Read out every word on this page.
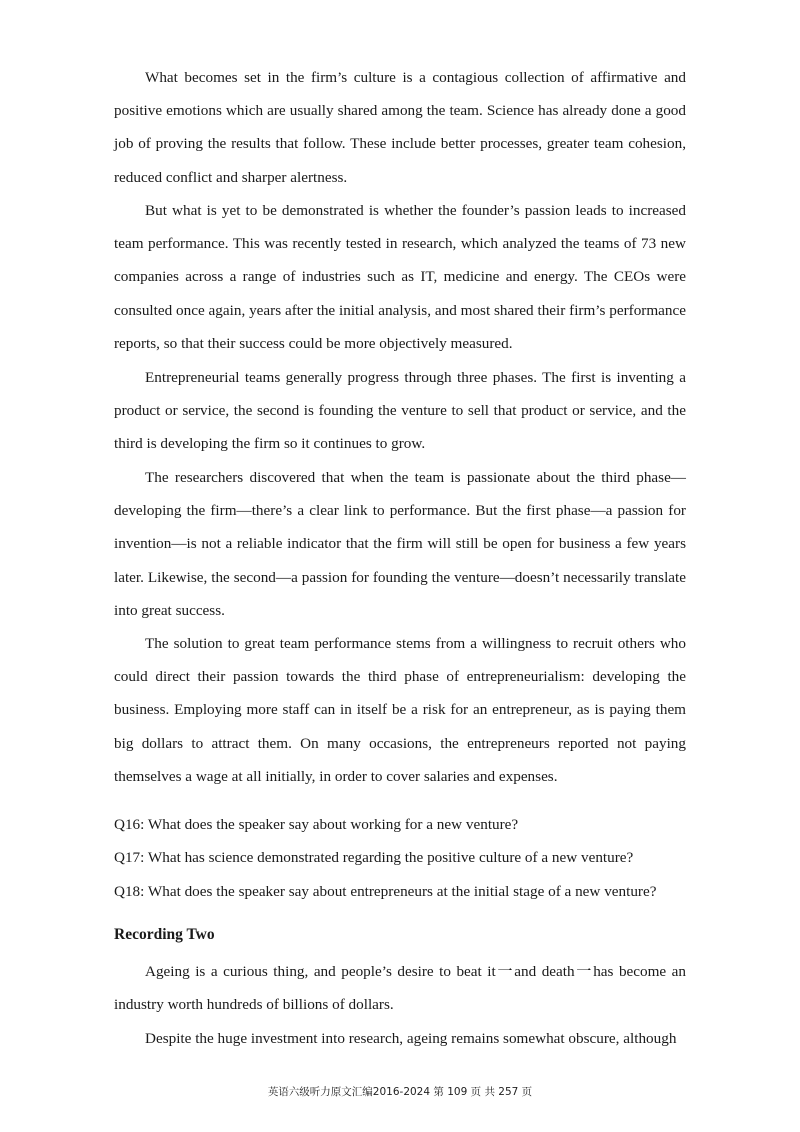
What becomes set in the firm’s culture is a contagious collection of affirmative and positive emotions which are usually shared among the team. Science has already done a good job of proving the results that follow. These include better processes, greater team cohesion, reduced conflict and sharper alertness.

But what is yet to be demonstrated is whether the founder’s passion leads to increased team performance. This was recently tested in research, which analyzed the teams of 73 new companies across a range of industries such as IT, medicine and energy. The CEOs were consulted once again, years after the initial analysis, and most shared their firm’s performance reports, so that their success could be more objectively measured.

Entrepreneurial teams generally progress through three phases. The first is inventing a product or service, the second is founding the venture to sell that product or service, and the third is developing the firm so it continues to grow.

The researchers discovered that when the team is passionate about the third phase—developing the firm—there’s a clear link to performance. But the first phase—a passion for invention—is not a reliable indicator that the firm will still be open for business a few years later. Likewise, the second—a passion for founding the venture—doesn’t necessarily translate into great success.

The solution to great team performance stems from a willingness to recruit others who could direct their passion towards the third phase of entrepreneurialism: developing the business. Employing more staff can in itself be a risk for an entrepreneur, as is paying them big dollars to attract them. On many occasions, the entrepreneurs reported not paying themselves a wage at all initially, in order to cover salaries and expenses.

Q16: What does the speaker say about working for a new venture?

Q17: What has science demonstrated regarding the positive culture of a new venture?

Q18: What does the speaker say about entrepreneurs at the initial stage of a new venture?

Recording Two

Ageing is a curious thing, and people’s desire to beat it一and death一has become an industry worth hundreds of billions of dollars.

Despite the huge investment into research, ageing remains somewhat obscure, although

英语六级听力原文汇编2016-2024 第 109 页 共 257 页
